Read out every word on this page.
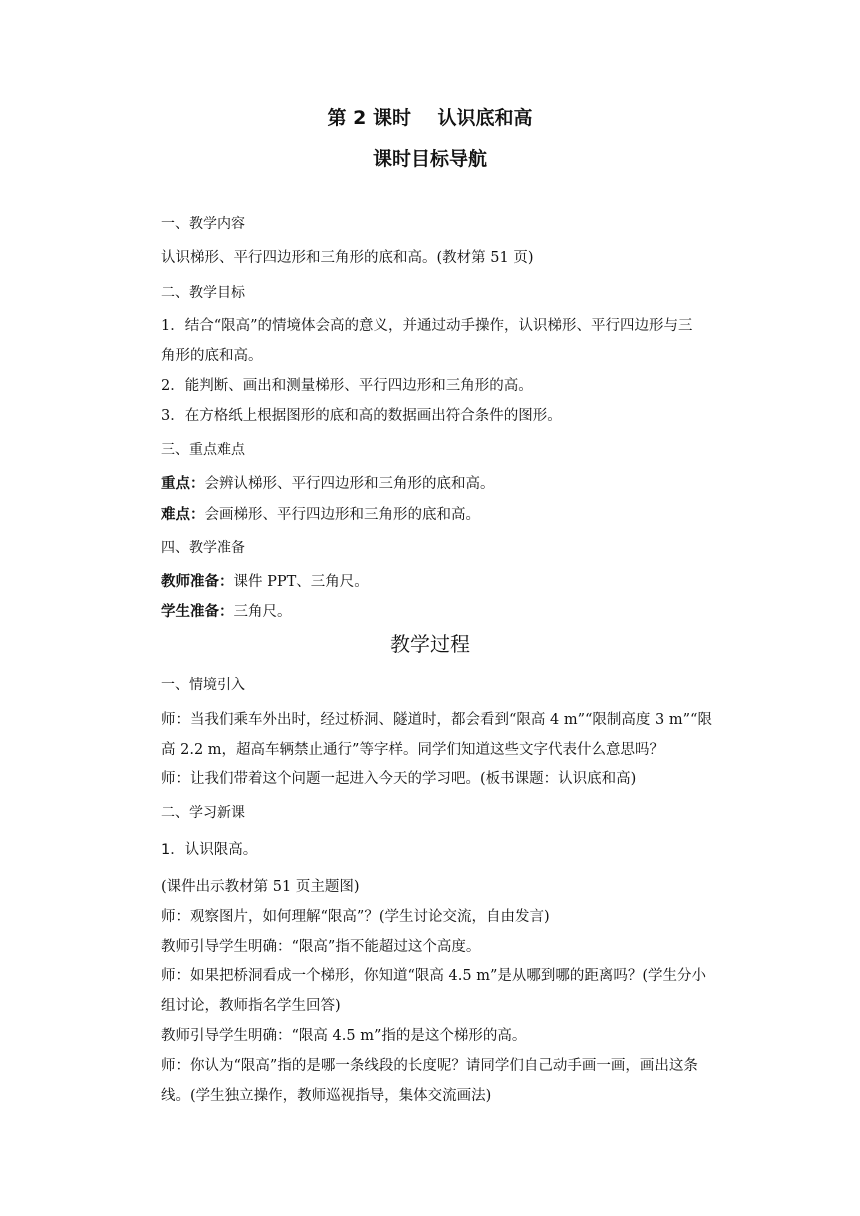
第 2 课时    认识底和高
课时目标导航
一、教学内容
认识梯形、平行四边形和三角形的底和高。(教材第 51 页)
二、教学目标
1．结合“限高”的情境体会高的意义，并通过动手操作，认识梯形、平行四边形与三
角形的底和高。
2．能判断、画出和测量梯形、平行四边形和三角形的高。
3．在方格纸上根据图形的底和高的数据画出符合条件的图形。
三、重点难点
重点：会辨认梯形、平行四边形和三角形的底和高。
难点：会画梯形、平行四边形和三角形的底和高。
四、教学准备
教师准备：课件 PPT、三角尺。
学生准备：三角尺。
教学过程
一、情境引入
师：当我们乘车外出时，经过桥洞、隧道时，都会看到“限高 4 m”“限制高度 3 m”“限
高 2.2 m，超高车辆禁止通行”等字样。同学们知道这些文字代表什么意思吗？
师：让我们带着这个问题一起进入今天的学习吧。(板书课题：认识底和高)
二、学习新课
1．认识限高。
(课件出示教材第 51 页主题图)
师：观察图片，如何理解“限高”？(学生讨论交流，自由发言)
教师引导学生明确：“限高”指不能超过这个高度。
师：如果把桥洞看成一个梯形，你知道“限高 4.5 m”是从哪到哪的距离吗？(学生分小
组讨论，教师指名学生回答)
教师引导学生明确：“限高 4.5 m”指的是这个梯形的高。
师：你认为“限高”指的是哪一条线段的长度呢？请同学们自己动手画一画，画出这条
线。(学生独立操作，教师巡视指导，集体交流画法)
